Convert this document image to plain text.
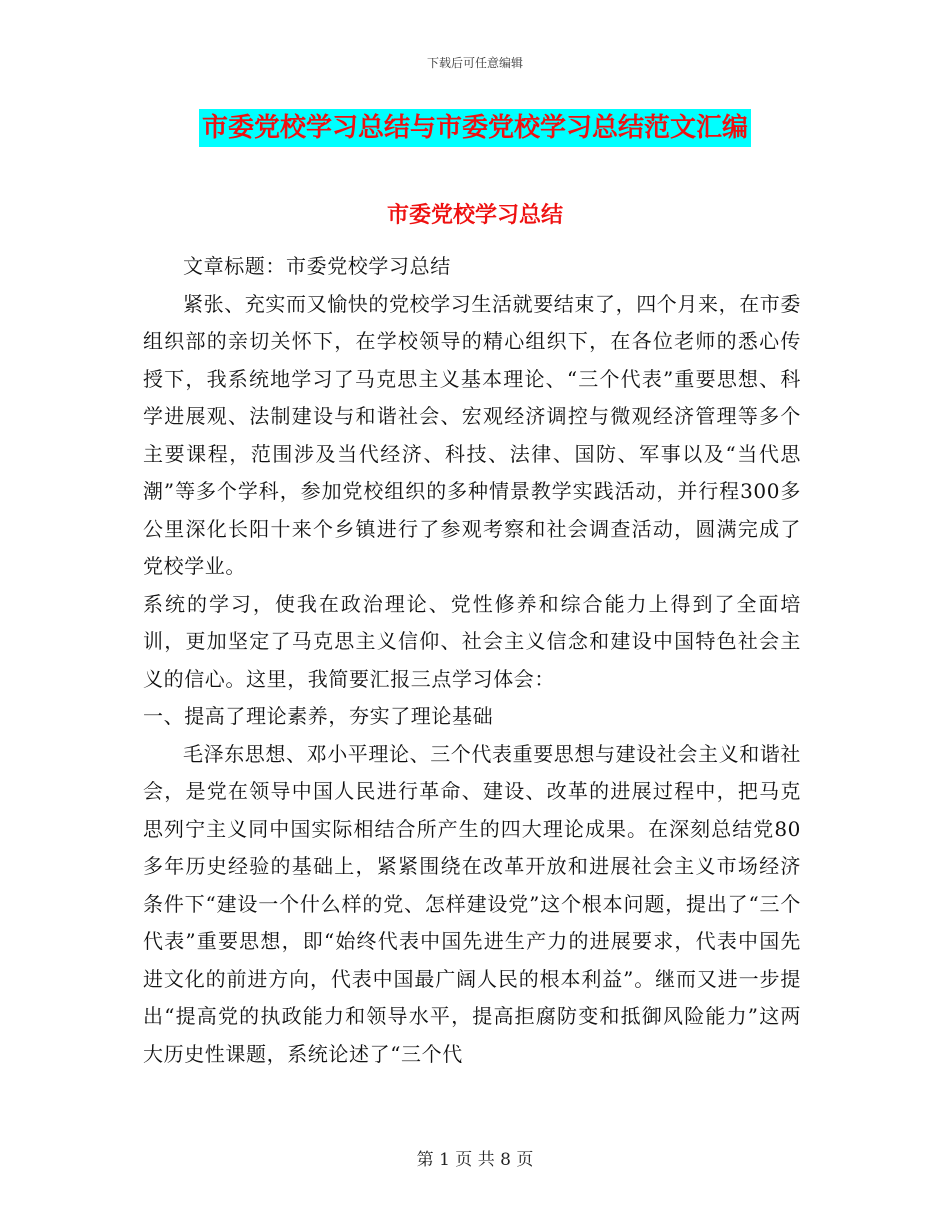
下载后可任意编辑
市委党校学习总结与市委党校学习总结范文汇编
市委党校学习总结

文章标题：市委党校学习总结

紧张、充实而又愉快的党校学习生活就要结束了，四个月来，在市委组织部的亲切关怀下，在学校领导的精心组织下，在各位老师的悉心传授下，我系统地学习了马克思主义基本理论、“三个代表”重要思想、科学进展观、法制建设与和谐社会、宏观经济调控与微观经济管理等多个主要课程，范围涉及当代经济、科技、法律、国防、军事以及“当代思潮”等多个学科，参加党校组织的多种情景教学实践活动，并行程300多公里深化长阳十来个乡镇进行了参观考察和社会调查活动，圆满完成了党校学业。

系统的学习，使我在政治理论、党性修养和综合能力上得到了全面培训，更加坚定了马克思主义信仰、社会主义信念和建设中国特色社会主义的信心。这里，我简要汇报三点学习体会：

一、提高了理论素养，夯实了理论基础

毛泽东思想、邓小平理论、三个代表重要思想与建设社会主义和谐社会，是党在领导中国人民进行革命、建设、改革的进展过程中，把马克思列宁主义同中国实际相结合所产生的四大理论成果。在深刻总结党80多年历史经验的基础上，紧紧围绕在改革开放和进展社会主义市场经济条件下“建设一个什么样的党、怎样建设党”这个根本问题，提出了“三个代表”重要思想，即“始终代表中国先进生产力的进展要求，代表中国先进文化的前进方向，代表中国最广阔人民的根本利益”。继而又进一步提出“提高党的执政能力和领导水平，提高拒腐防变和抵御风险能力”这两大历史性课题，系统论述了“三个代

第 1 页 共 8 页
